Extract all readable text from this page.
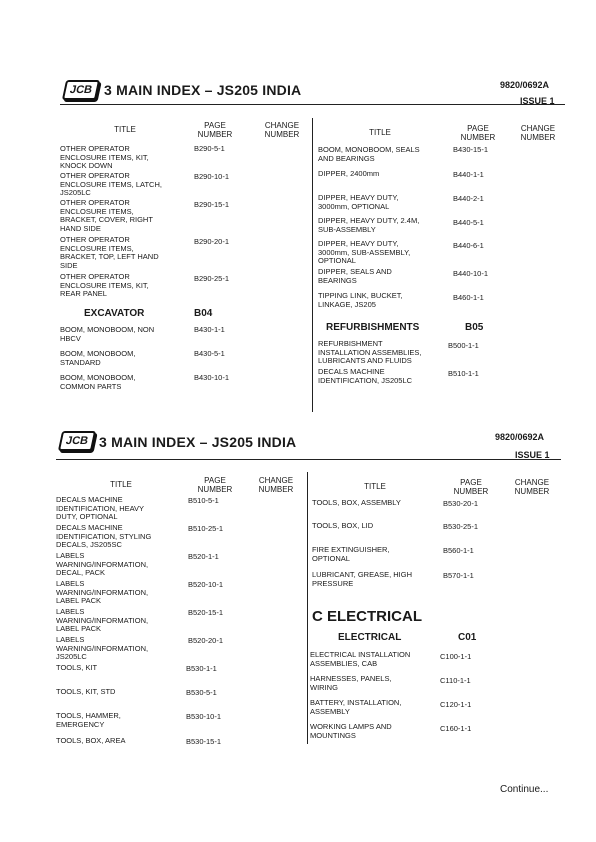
JCB 3 MAIN INDEX – JS205 INDIA	9820/0692A
ISSUE 1
TITLE	PAGE
NUMBER
CHANGE
NUMBER	TITLE	PAGE
NUMBER
CHANGE
NUMBER
OTHER OPERATOR
ENCLOSURE ITEMS, KIT,
KNOCK DOWN
B290-5-1
OTHER OPERATOR
ENCLOSURE ITEMS, LATCH,
JS205LC
B290-10-1
OTHER OPERATOR
ENCLOSURE ITEMS,
BRACKET, COVER, RIGHT
HAND SIDE
B290-15-1
OTHER OPERATOR
ENCLOSURE ITEMS,
BRACKET, TOP, LEFT HAND
SIDE
B290-20-1
OTHER OPERATOR
ENCLOSURE ITEMS, KIT,
REAR PANEL
B290-25-1
EXCAVATOR	B04
BOOM, MONOBOOM, NON
HBCV
B430-1-1
BOOM, MONOBOOM,
STANDARD
B430-5-1
BOOM, MONOBOOM,
COMMON PARTS
B430-10-1
BOOM, MONOBOOM, SEALS
AND BEARINGS
B430-15-1
DIPPER, 2400mm	B440-1-1
DIPPER, HEAVY DUTY,
3000mm, OPTIONAL
B440-2-1
DIPPER, HEAVY DUTY, 2.4M,
SUB-ASSEMBLY
B440-5-1
DIPPER, HEAVY DUTY,
3000mm, SUB-ASSEMBLY,
OPTIONAL
B440-6-1
DIPPER, SEALS AND
BEARINGS
B440-10-1
TIPPING LINK, BUCKET,
LINKAGE, JS205
B460-1-1
REFURBISHMENTS	B05
REFURBISHMENT
INSTALLATION ASSEMBLIES,
LUBRICANTS AND FLUIDS
B500-1-1
DECALS MACHINE
IDENTIFICATION, JS205LC
B510-1-1
JCB 3 MAIN INDEX – JS205 INDIA	9820/0692A
ISSUE 1
TITLE	PAGE
NUMBER
CHANGE
NUMBER	TITLE	PAGE
NUMBER
CHANGE
NUMBER
DECALS MACHINE
IDENTIFICATION, HEAVY
DUTY, OPTIONAL
B510-5-1
DECALS MACHINE
IDENTIFICATION, STYLING
DECALS, JS205SC
B510-25-1
LABELS
WARNING/INFORMATION,
DECAL, PACK
B520-1-1
LABELS
WARNING/INFORMATION,
LABEL PACK
B520-10-1
LABELS
WARNING/INFORMATION,
LABEL PACK
B520-15-1
LABELS
WARNING/INFORMATION,
JS205LC
B520-20-1
TOOLS, KIT	B530-1-1
TOOLS, KIT, STD	B530-5-1
TOOLS, HAMMER,
EMERGENCY
B530-10-1
TOOLS, BOX, AREA	B530-15-1
TOOLS, BOX, ASSEMBLY	B530-20-1
TOOLS, BOX, LID	B530-25-1
FIRE EXTINGUISHER,
OPTIONAL
B560-1-1
LUBRICANT, GREASE, HIGH
PRESSURE
B570-1-1
C ELECTRICAL
ELECTRICAL	C01
ELECTRICAL INSTALLATION
ASSEMBLIES, CAB
C100-1-1
HARNESSES, PANELS,
WIRING
C110-1-1
BATTERY, INSTALLATION,
ASSEMBLY
C120-1-1
WORKING LAMPS AND
MOUNTINGS
C160-1-1
Continue...
